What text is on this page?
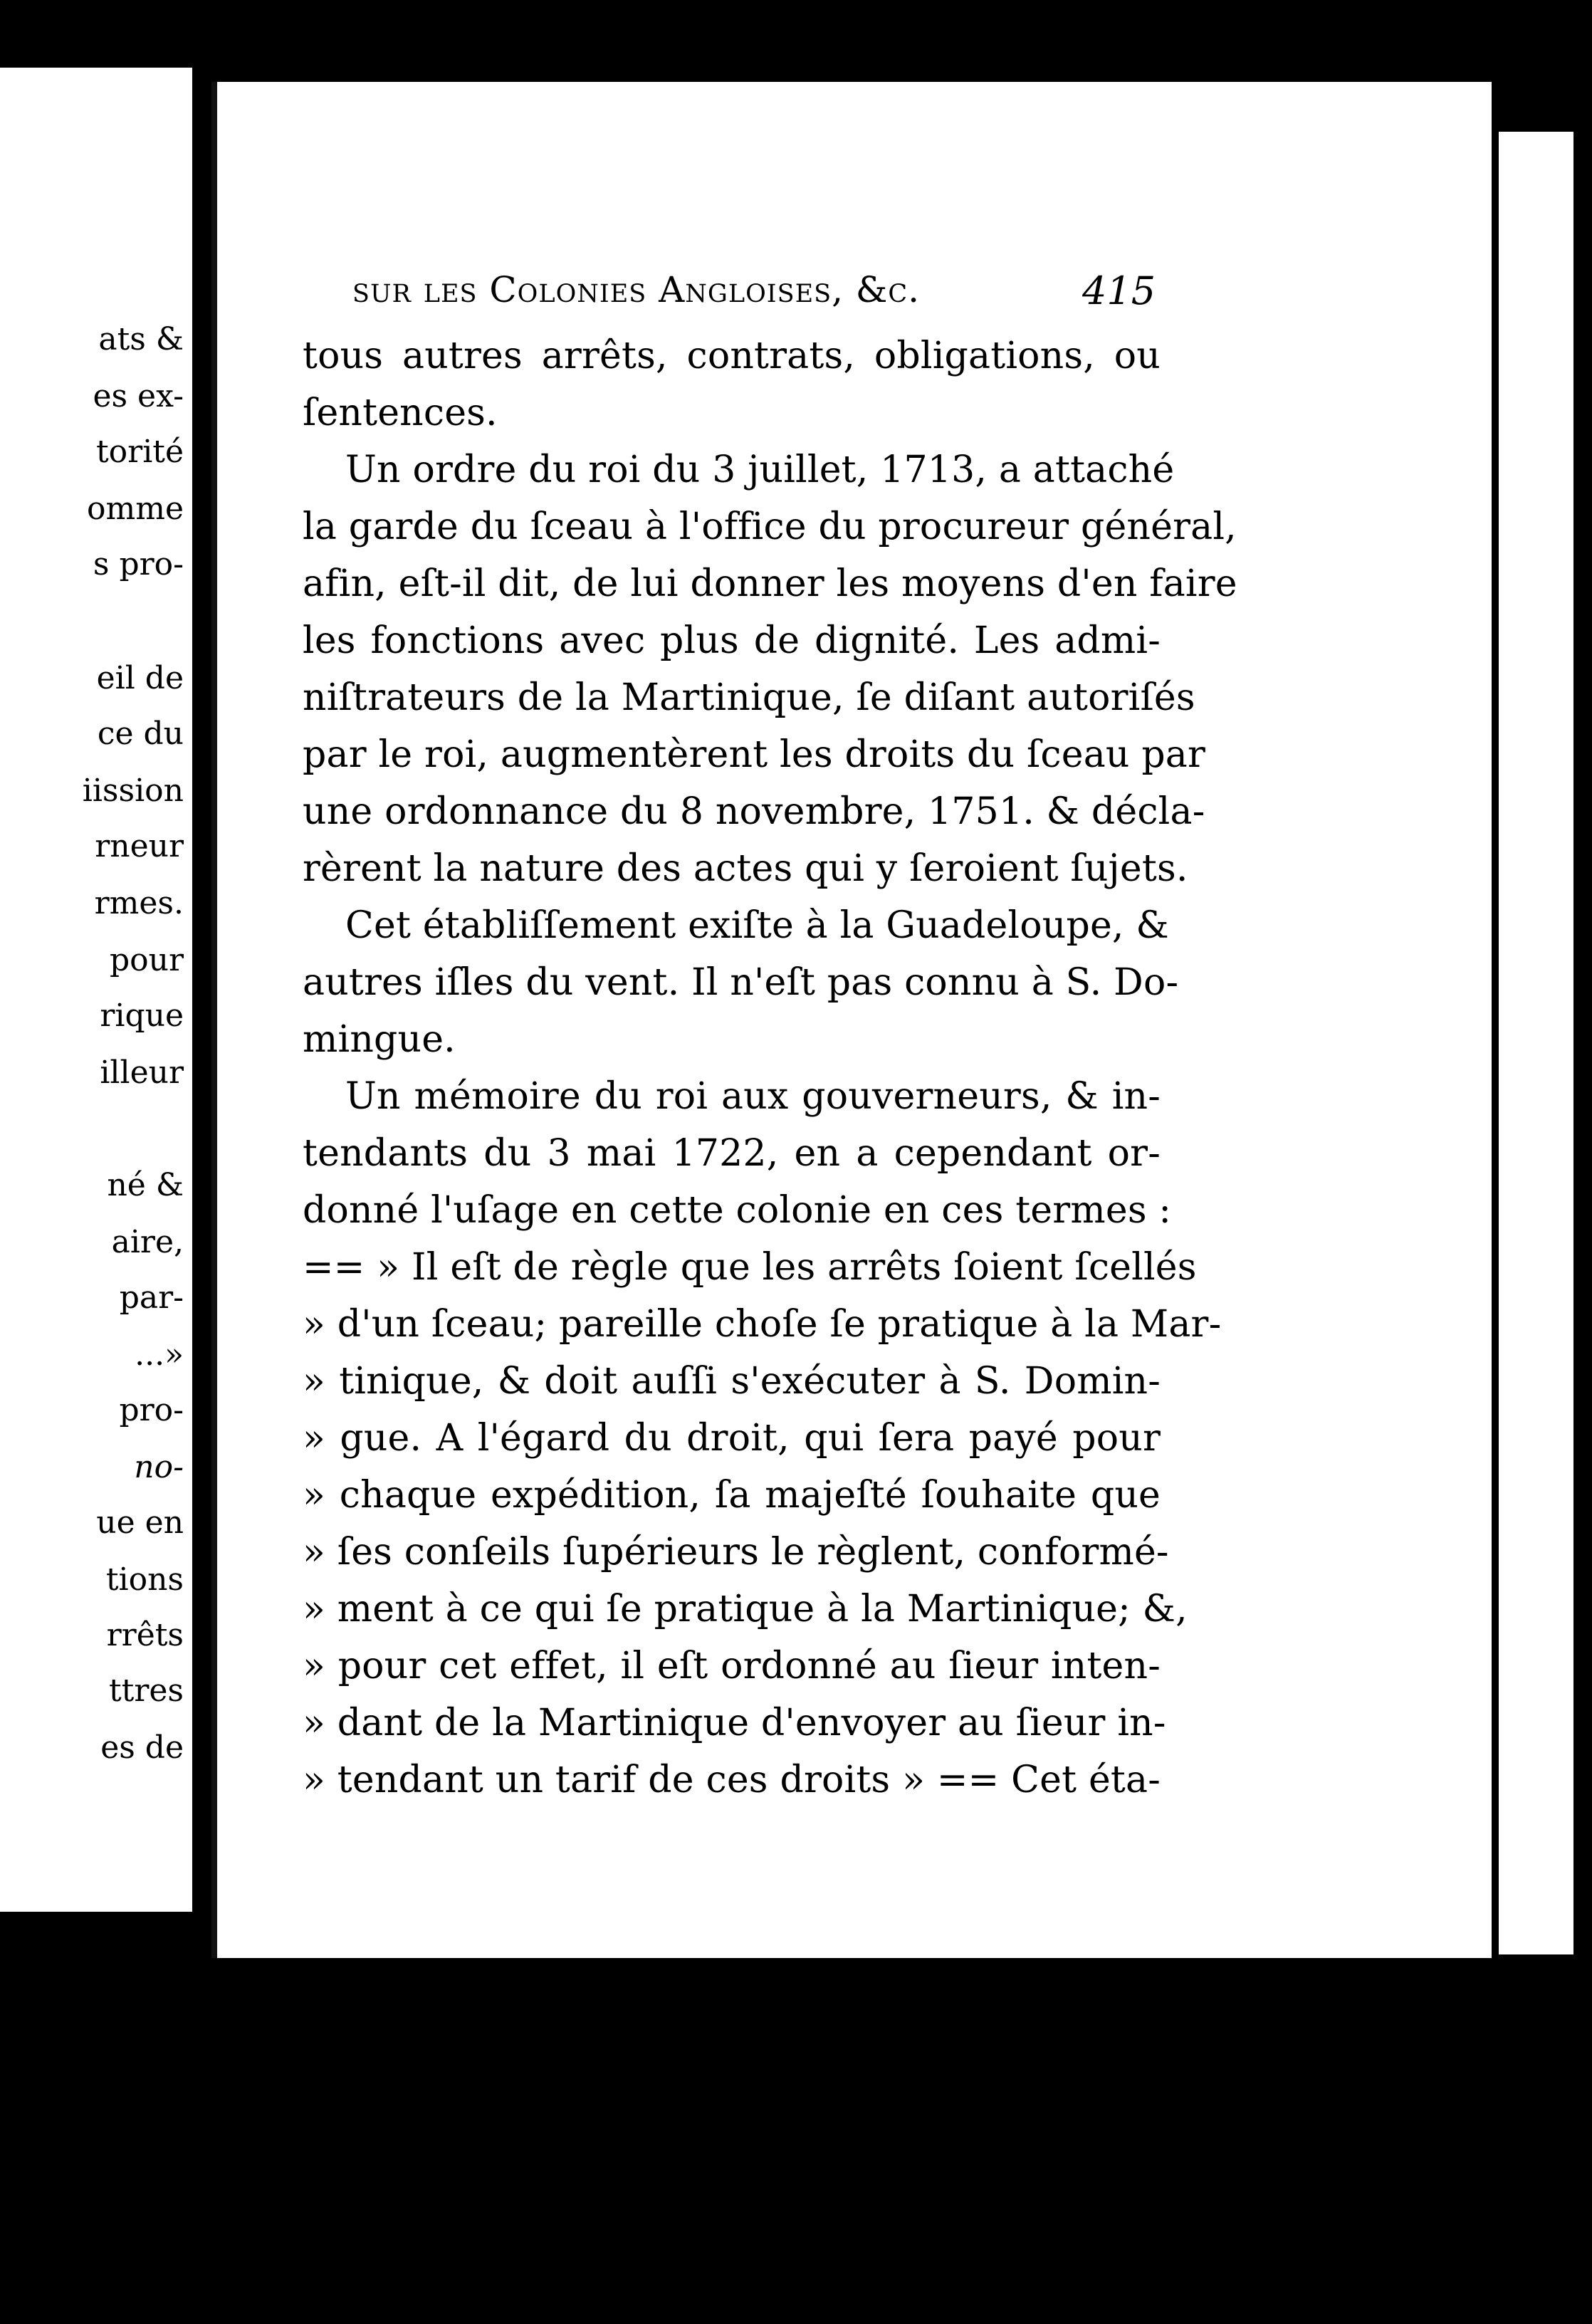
ats &
es ex-
torité
omme
s pro-
eil de
ce du
iission
rneur
rmes.
pour
rique
illeur
né &
aire,
par-
...»
pro-
no-
ue en
tions
rrêts
ttres
es de
sur les Colonies Angloises, &c.	415
tous autres arrêts, contrats, obligations, ou
ſentences.
Un ordre du roi du 3 juillet, 1713, a attaché
la garde du ſceau à l'office du procureur général,
afin, eſt-il dit, de lui donner les moyens d'en faire
les fonctions avec plus de dignité. Les admi-
niſtrateurs de la Martinique, ſe diſant autoriſés
par le roi, augmentèrent les droits du ſceau par
une ordonnance du 8 novembre, 1751. & décla-
rèrent la nature des actes qui y ſeroient ſujets.
Cet établiſſement exiſte à la Guadeloupe, &
autres iſles du vent. Il n'eſt pas connu à S. Do-
mingue.
Un mémoire du roi aux gouverneurs, & in-
tendants du 3 mai 1722, en a cependant or-
donné l'uſage en cette colonie en ces termes :
== » Il eſt de règle que les arrêts ſoient ſcellés
» d'un ſceau; pareille choſe ſe pratique à la Mar-
» tinique, & doit auſſi s'exécuter à S. Domin-
» gue. A l'égard du droit, qui ſera payé pour
» chaque expédition, ſa majeſté ſouhaite que
» ſes conſeils ſupérieurs le règlent, conformé-
» ment à ce qui ſe pratique à la Martinique; &,
» pour cet effet, il eſt ordonné au ſieur inten-
» dant de la Martinique d'envoyer au ſieur in-
» tendant un tarif de ces droits » == Cet éta-
